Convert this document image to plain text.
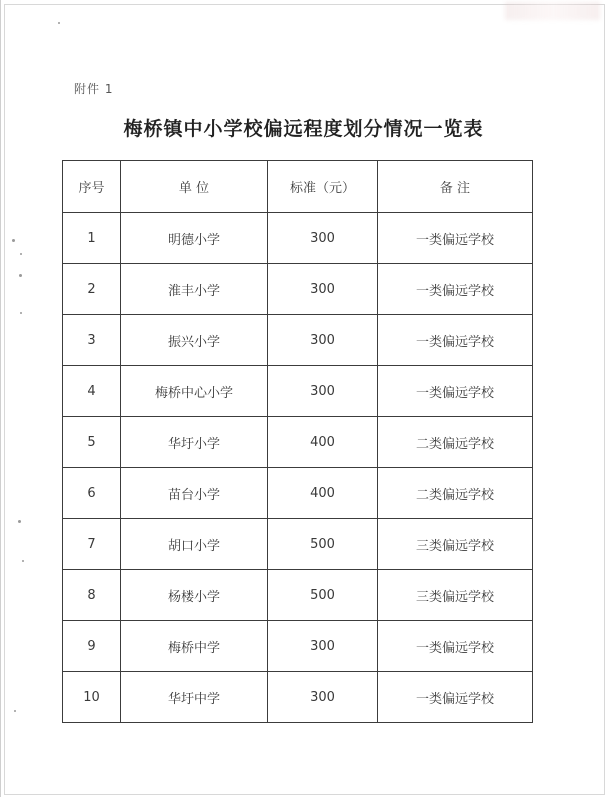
附件 1
梅桥镇中小学校偏远程度划分情况一览表
序号	单 位	标准（元）	备 注
1	明德小学	300	一类偏远学校
2	淮丰小学	300	一类偏远学校
3	振兴小学	300	一类偏远学校
4	梅桥中心小学	300	一类偏远学校
5	华圩小学	400	二类偏远学校
6	苗台小学	400	二类偏远学校
7	胡口小学	500	三类偏远学校
8	杨楼小学	500	三类偏远学校
9	梅桥中学	300	一类偏远学校
10	华圩中学	300	一类偏远学校
